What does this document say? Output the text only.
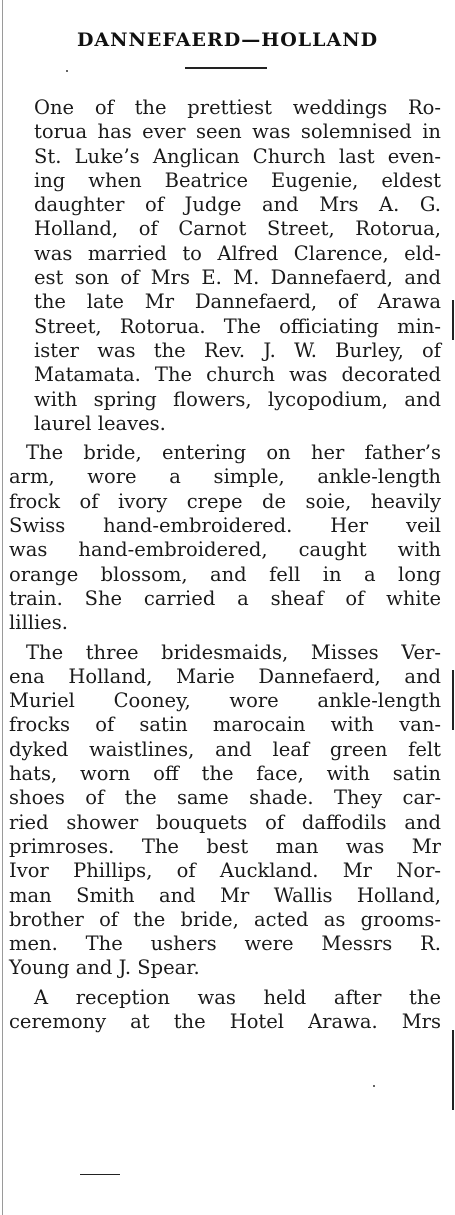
DANNEFAERD—HOLLAND

One of the prettiest weddings Ro-
torua has ever seen was solemnised in
St. Luke’s Anglican Church last even-
ing when Beatrice Eugenie, eldest
daughter of Judge and Mrs A. G.
Holland, of Carnot Street, Rotorua,
was married to Alfred Clarence, eld-
est son of Mrs E. M. Dannefaerd, and
the late Mr Dannefaerd, of Arawa
Street, Rotorua. The officiating min-
ister was the Rev. J. W. Burley, of
Matamata. The church was decorated
with spring flowers, lycopodium, and
laurel leaves.

The bride, entering on her father’s
arm, wore a simple, ankle-length
frock of ivory crepe de soie, heavily
Swiss hand-embroidered. Her veil
was hand-embroidered, caught with
orange blossom, and fell in a long
train. She carried a sheaf of white
lillies.

The three bridesmaids, Misses Ver-
ena Holland, Marie Dannefaerd, and
Muriel Cooney, wore ankle-length
frocks of satin marocain with van-
dyked waistlines, and leaf green felt
hats, worn off the face, with satin
shoes of the same shade. They car-
ried shower bouquets of daffodils and
primroses. The best man was Mr
Ivor Phillips, of Auckland. Mr Nor-
man Smith and Mr Wallis Holland,
brother of the bride, acted as grooms-
men. The ushers were Messrs R.
Young and J. Spear.

A reception was held after the
ceremony at the Hotel Arawa. Mrs
